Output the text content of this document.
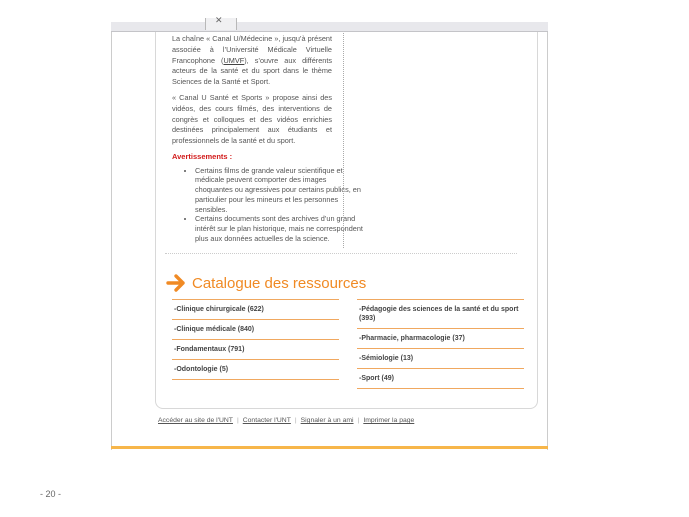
✕

La chaîne « Canal U/Médecine », jusqu’à présent associée à l’Université Médicale Virtuelle Francophone (UMVF), s’ouvre aux différents acteurs de la santé et du sport dans le thème Sciences de la Santé et Sport.

« Canal U Santé et Sports » propose ainsi des vidéos, des cours filmés, des interventions de congrès et colloques et des vidéos enrichies destinées principalement aux étudiants et professionnels de la santé et du sport.

Avertissements :
• Certains films de grande valeur scientifique et médicale peuvent comporter des images choquantes ou agressives pour certains publics, en particulier pour les mineurs et les personnes sensibles.
• Certains documents sont des archives d’un grand intérêt sur le plan historique, mais ne correspondent plus aux données actuelles de la science.
Catalogue des ressources
-Clinique chirurgicale (622)
-Clinique médicale (840)
-Fondamentaux (791)
-Odontologie (5)
-Pédagogie des sciences de la santé et du sport (393)
-Pharmacie, pharmacologie (37)
-Sémiologie (13)
-Sport (49)
Accéder au site de l'UNT | Contacter l'UNT | Signaler à un ami | Imprimer la page
- 20 -
